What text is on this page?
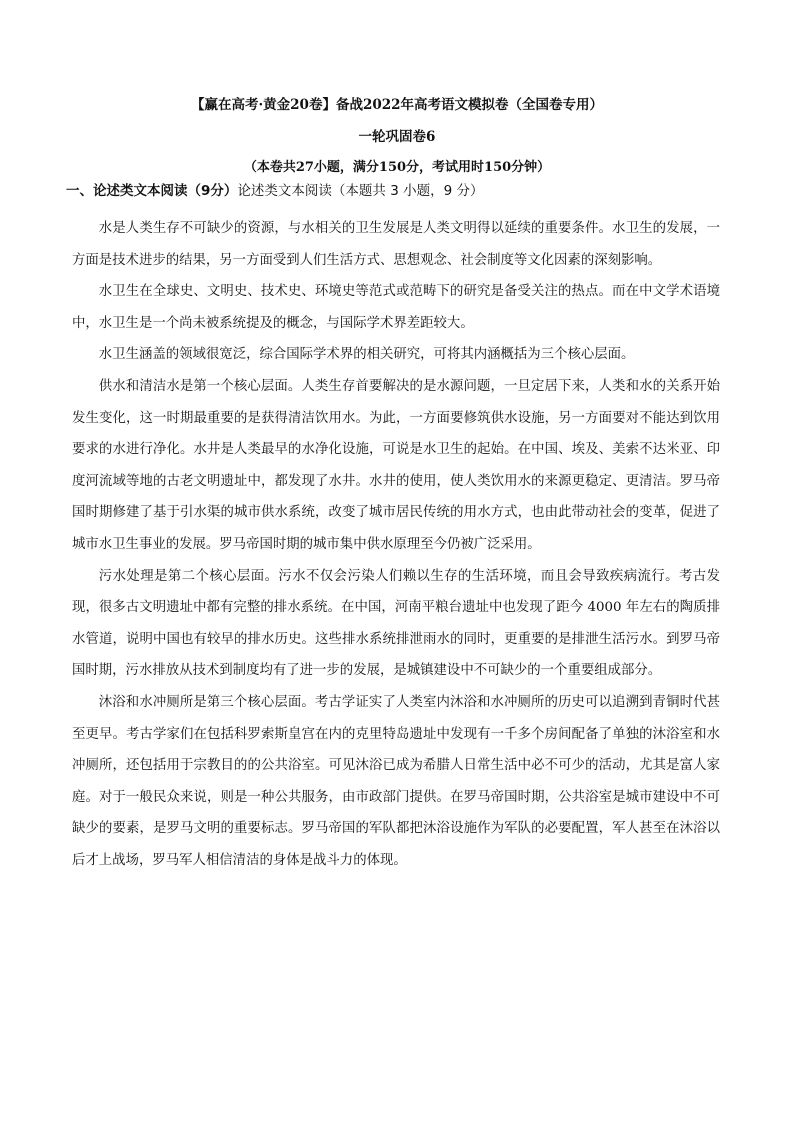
【赢在高考·黄金20卷】备战2022年高考语文模拟卷（全国卷专用）
一轮巩固卷6
（本卷共27小题，满分150分，考试用时150分钟）
一、论述类文本阅读（9分）论述类文本阅读（本题共 3 小题，9 分）

水是人类生存不可缺少的资源，与水相关的卫生发展是人类文明得以延续的重要条件。水卫生的发展，一方面是技术进步的结果，另一方面受到人们生活方式、思想观念、社会制度等文化因素的深刻影响。

水卫生在全球史、文明史、技术史、环境史等范式或范畴下的研究是备受关注的热点。而在中文学术语境中，水卫生是一个尚未被系统提及的概念，与国际学术界差距较大。

水卫生涵盖的领域很宽泛，综合国际学术界的相关研究，可将其内涵概括为三个核心层面。

供水和清洁水是第一个核心层面。人类生存首要解决的是水源问题，一旦定居下来，人类和水的关系开始发生变化，这一时期最重要的是获得清洁饮用水。为此，一方面要修筑供水设施，另一方面要对不能达到饮用要求的水进行净化。水井是人类最早的水净化设施，可说是水卫生的起始。在中国、埃及、美索不达米亚、印度河流域等地的古老文明遗址中，都发现了水井。水井的使用，使人类饮用水的来源更稳定、更清洁。罗马帝国时期修建了基于引水渠的城市供水系统，改变了城市居民传统的用水方式，也由此带动社会的变革，促进了城市水卫生事业的发展。罗马帝国时期的城市集中供水原理至今仍被广泛采用。

污水处理是第二个核心层面。污水不仅会污染人们赖以生存的生活环境，而且会导致疾病流行。考古发现，很多古文明遗址中都有完整的排水系统。在中国，河南平粮台遗址中也发现了距今 4000 年左右的陶质排水管道，说明中国也有较早的排水历史。这些排水系统排泄雨水的同时，更重要的是排泄生活污水。到罗马帝国时期，污水排放从技术到制度均有了进一步的发展，是城镇建设中不可缺少的一个重要组成部分。

沐浴和水冲厕所是第三个核心层面。考古学证实了人类室内沐浴和水冲厕所的历史可以追溯到青铜时代甚至更早。考古学家们在包括科罗索斯皇宫在内的克里特岛遗址中发现有一千多个房间配备了单独的沐浴室和水冲厕所，还包括用于宗教目的的公共浴室。可见沐浴已成为希腊人日常生活中必不可少的活动，尤其是富人家庭。对于一般民众来说，则是一种公共服务，由市政部门提供。在罗马帝国时期，公共浴室是城市建设中不可缺少的要素，是罗马文明的重要标志。罗马帝国的军队都把沐浴设施作为军队的必要配置，军人甚至在沐浴以后才上战场，罗马军人相信清洁的身体是战斗力的体现。
